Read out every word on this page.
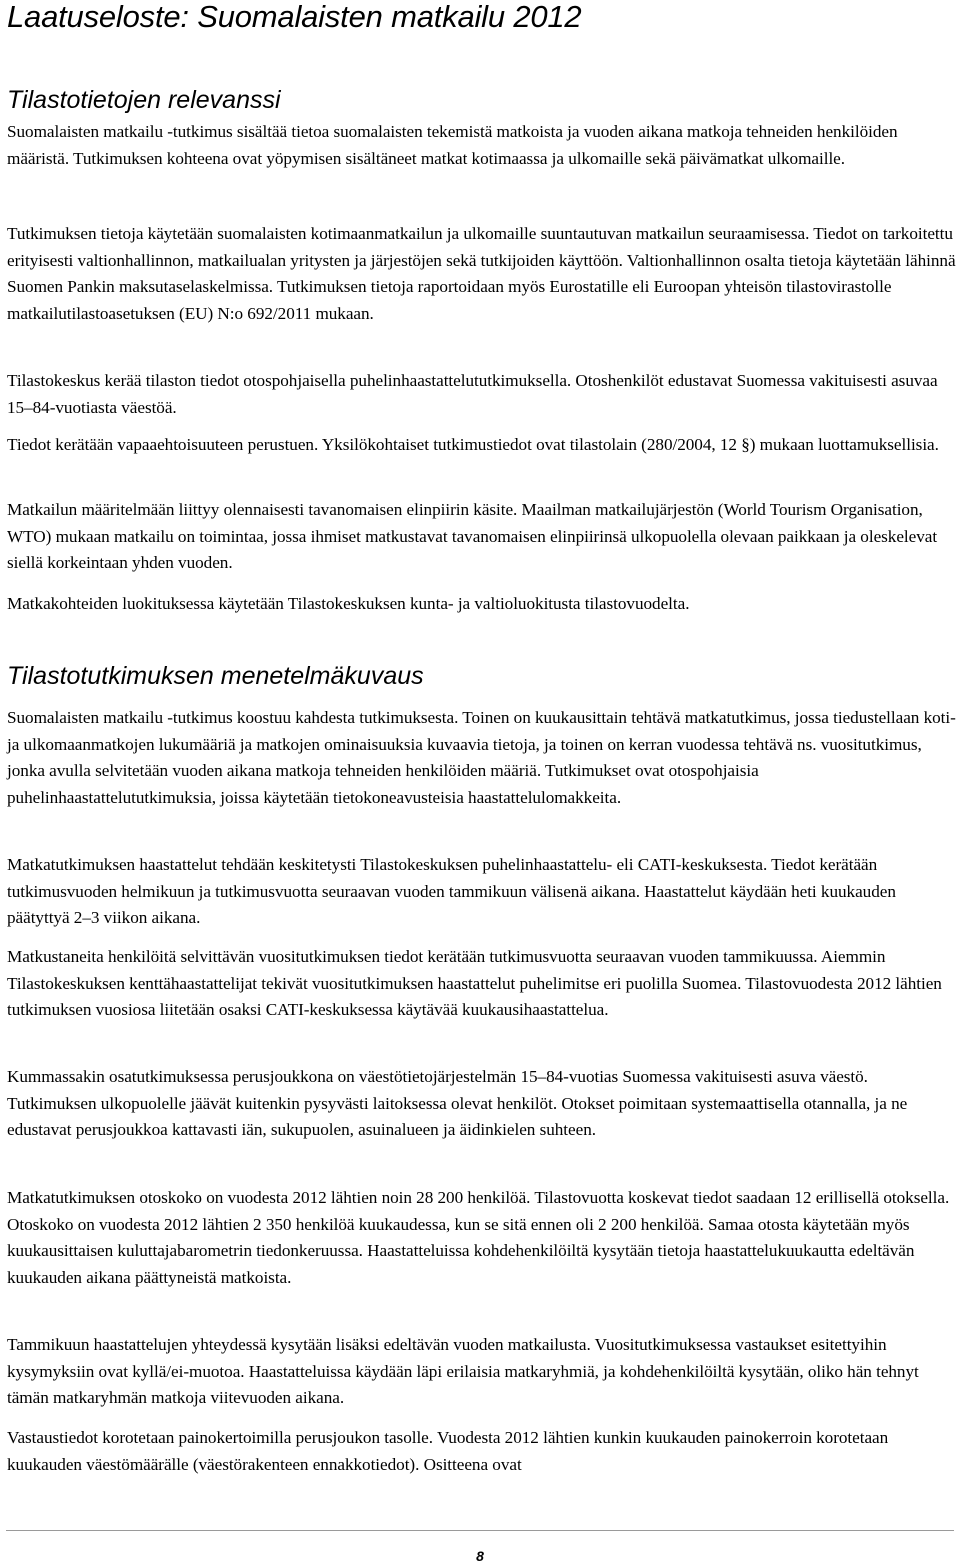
Laatuseloste: Suomalaisten matkailu 2012
Tilastotietojen relevanssi

Suomalaisten matkailu -tutkimus sisältää tietoa suomalaisten tekemistä matkoista ja vuoden aikana matkoja tehneiden henkilöiden määristä. Tutkimuksen kohteena ovat yöpymisen sisältäneet matkat kotimaassa ja ulkomaille sekä päivämatkat ulkomaille.

Tutkimuksen tietoja käytetään suomalaisten kotimaanmatkailun ja ulkomaille suuntautuvan matkailun seuraamisessa. Tiedot on tarkoitettu erityisesti valtionhallinnon, matkailualan yritysten ja järjestöjen sekä tutkijoiden käyttöön. Valtionhallinnon osalta tietoja käytetään lähinnä Suomen Pankin maksutaselaskelmissa. Tutkimuksen tietoja raportoidaan myös Eurostatille eli Euroopan yhteisön tilastovirastolle matkailutilastoasetuksen (EU) N:o 692/2011 mukaan.

Tilastokeskus kerää tilaston tiedot otospohjaisella puhelinhaastattelututkimuksella. Otoshenkilöt edustavat Suomessa vakituisesti asuvaa 15–84-vuotiasta väestöä.

Tiedot kerätään vapaaehtoisuuteen perustuen. Yksilökohtaiset tutkimustiedot ovat tilastolain (280/2004, 12 §) mukaan luottamuksellisia.

Matkailun määritelmään liittyy olennaisesti tavanomaisen elinpiirin käsite. Maailman matkailujärjestön (World Tourism Organisation, WTO) mukaan matkailu on toimintaa, jossa ihmiset matkustavat tavanomaisen elinpiirinsä ulkopuolella olevaan paikkaan ja oleskelevat siellä korkeintaan yhden vuoden.

Matkakohteiden luokituksessa käytetään Tilastokeskuksen kunta- ja valtioluokitusta tilastovuodelta.

Tilastotutkimuksen menetelmäkuvaus

Suomalaisten matkailu -tutkimus koostuu kahdesta tutkimuksesta. Toinen on kuukausittain tehtävä matkatutkimus, jossa tiedustellaan koti- ja ulkomaanmatkojen lukumääriä ja matkojen ominaisuuksia kuvaavia tietoja, ja toinen on kerran vuodessa tehtävä ns. vuositutkimus, jonka avulla selvitetään vuoden aikana matkoja tehneiden henkilöiden määriä. Tutkimukset ovat otospohjaisia puhelinhaastattelututkimuksia, joissa käytetään tietokoneavusteisia haastattelulomakkeita.

Matkatutkimuksen haastattelut tehdään keskitetysti Tilastokeskuksen puhelinhaastattelu- eli CATI-keskuksesta. Tiedot kerätään tutkimusvuoden helmikuun ja tutkimusvuotta seuraavan vuoden tammikuun välisenä aikana. Haastattelut käydään heti kuukauden päätyttyä 2–3 viikon aikana.

Matkustaneita henkilöitä selvittävän vuositutkimuksen tiedot kerätään tutkimusvuotta seuraavan vuoden tammikuussa. Aiemmin Tilastokeskuksen kenttähaastattelijat tekivät vuositutkimuksen haastattelut puhelimitse eri puolilla Suomea. Tilastovuodesta 2012 lähtien tutkimuksen vuosiosa liitetään osaksi CATI-keskuksessa käytävää kuukausihaastattelua.

Kummassakin osatutkimuksessa perusjoukkona on väestötietojärjestelmän 15–84-vuotias Suomessa vakituisesti asuva väestö. Tutkimuksen ulkopuolelle jäävät kuitenkin pysyvästi laitoksessa olevat henkilöt. Otokset poimitaan systemaattisella otannalla, ja ne edustavat perusjoukkoa kattavasti iän, sukupuolen, asuinalueen ja äidinkielen suhteen.

Matkatutkimuksen otoskoko on vuodesta 2012 lähtien noin 28 200 henkilöä. Tilastovuotta koskevat tiedot saadaan 12 erillisellä otoksella. Otoskoko on vuodesta 2012 lähtien 2 350 henkilöä kuukaudessa, kun se sitä ennen oli 2 200 henkilöä. Samaa otosta käytetään myös kuukausittaisen kuluttajabarometrin tiedonkeruussa. Haastatteluissa kohdehenkilöiltä kysytään tietoja haastattelukuukautta edeltävän kuukauden aikana päättyneistä matkoista.

Tammikuun haastattelujen yhteydessä kysytään lisäksi edeltävän vuoden matkailusta. Vuositutkimuksessa vastaukset esitettyihin kysymyksiin ovat kyllä/ei-muotoa. Haastatteluissa käydään läpi erilaisia matkaryhmiä, ja kohdehenkilöiltä kysytään, oliko hän tehnyt tämän matkaryhmän matkoja viitevuoden aikana.

Vastaustiedot korotetaan painokertoimilla perusjoukon tasolle. Vuodesta 2012 lähtien kunkin kuukauden painokerroin korotetaan kuukauden väestömäärälle (väestörakenteen ennakkotiedot). Ositteena ovat

8
